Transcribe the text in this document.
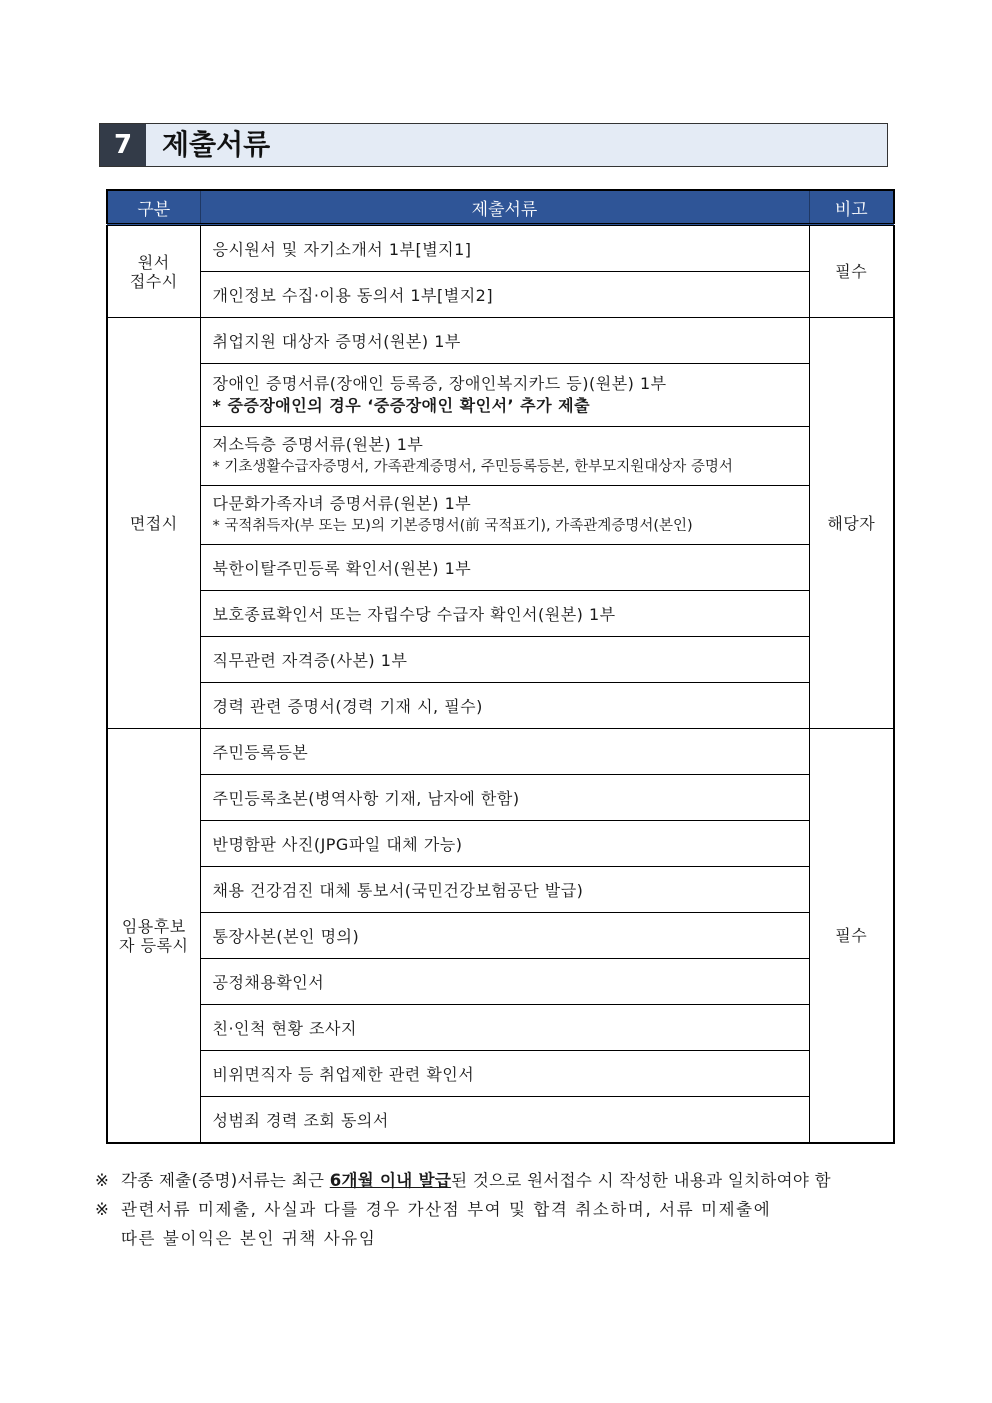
7	제출서류
구분	제출서류	비고
원서
접수시	응시원서 및 자기소개서 1부[별지1]	필수
	개인정보 수집·이용 동의서 1부[별지2]	
면접시	취업지원 대상자 증명서(원본) 1부	해당자

	장애인 증명서류(장애인 등록증, 장애인복지카드 등)(원본) 1부
* 중증장애인의 경우 ‘중증장애인 확인서’ 추가 제출	

	저소득층 증명서류(원본) 1부
* 기초생활수급자증명서, 가족관계증명서, 주민등록등본, 한부모지원대상자 증명서	

	다문화가족자녀 증명서류(원본) 1부
* 국적취득자(부 또는 모)의 기본증명서(前 국적표기), 가족관계증명서(본인)	

	북한이탈주민등록 확인서(원본) 1부	
	보호종료확인서 또는 자립수당 수급자 확인서(원본) 1부	
	직무관련 자격증(사본) 1부	
	경력 관련 증명서(경력 기재 시, 필수)	
임용후보
자 등록시	주민등록등본	필수
	주민등록초본(병역사항 기재, 남자에 한함)	
	반명함판 사진(JPG파일 대체 가능)	
	채용 건강검진 대체 통보서(국민건강보험공단 발급)	
	통장사본(본인 명의)	
	공정채용확인서	
	친·인척 현황 조사지	
	비위면직자 등 취업제한 관련 확인서	
	성범죄 경력 조회 동의서	
※ 각종 제출(증명)서류는 최근 6개월 이내 발급된 것으로 원서접수 시 작성한 내용과 일치하여야 함
※ 관련서류 미제출, 사실과 다를 경우 가산점 부여 및 합격 취소하며, 서류 미제출에
따른 불이익은 본인 귀책 사유임
